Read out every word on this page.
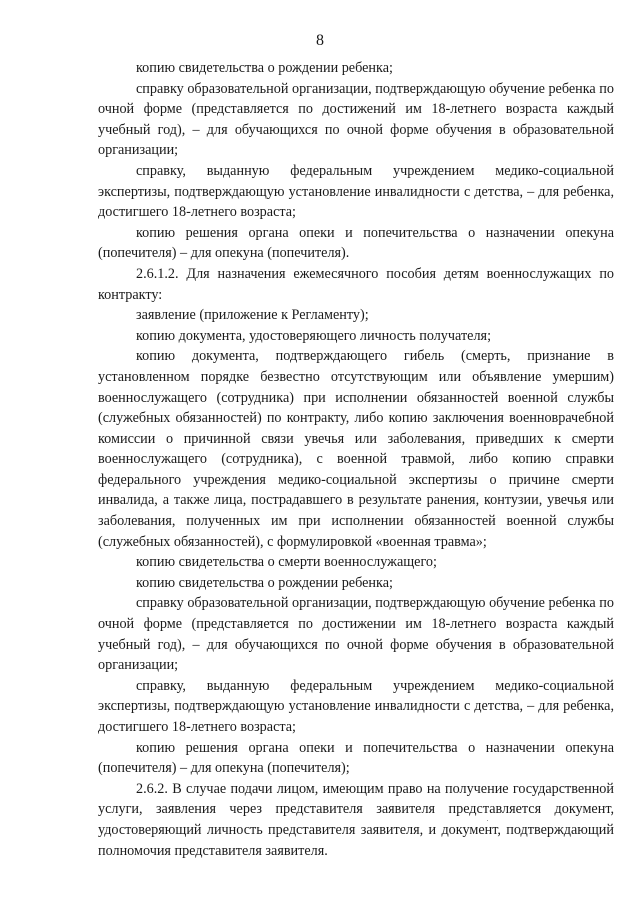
8

копию свидетельства о рождении ребенка;

справку образовательной организации, подтверждающую обучение ребенка по очной форме (представляется по достижений им 18-летнего возраста каждый учебный год), – для обучающихся по очной форме обучения в образовательной организации;

справку, выданную федеральным учреждением медико-социальной экспертизы, подтверждающую установление инвалидности с детства, – для ребенка, достигшего 18-летнего возраста;

копию решения органа опеки и попечительства о назначении опекуна (попечителя) – для опекуна (попечителя).

2.6.1.2. Для назначения ежемесячного пособия детям военнослужащих по контракту:

заявление (приложение к Регламенту);

копию документа, удостоверяющего личность получателя;

копию документа, подтверждающего гибель (смерть, признание в установленном порядке безвестно отсутствующим или объявление умершим) военнослужащего (сотрудника) при исполнении обязанностей военной службы (служебных обязанностей) по контракту, либо копию заключения военноврачебной комиссии о причинной связи увечья или заболевания, приведших к смерти военнослужащего (сотрудника), с военной травмой, либо копию справки федерального учреждения медико-социальной экспертизы о причине смерти инвалида, а также лица, пострадавшего в результате ранения, контузии, увечья или заболевания, полученных им при исполнении обязанностей военной службы (служебных обязанностей), с формулировкой «военная травма»;

копию свидетельства о смерти военнослужащего;

копию свидетельства о рождении ребенка;

справку образовательной организации, подтверждающую обучение ребенка по очной форме (представляется по достижении им 18-летнего возраста каждый учебный год), – для обучающихся по очной форме обучения в образовательной организации;

справку, выданную федеральным учреждением медико-социальной экспертизы, подтверждающую установление инвалидности с детства, – для ребенка, достигшего 18-летнего возраста;

копию решения органа опеки и попечительства о назначении опекуна (попечителя) – для опекуна (попечителя);

2.6.2. В случае подачи лицом, имеющим право на получение государственной услуги, заявления через представителя заявителя представляется документ, удостоверяющий личность представителя заявителя, и документ, подтверждающий полномочия представителя заявителя.
